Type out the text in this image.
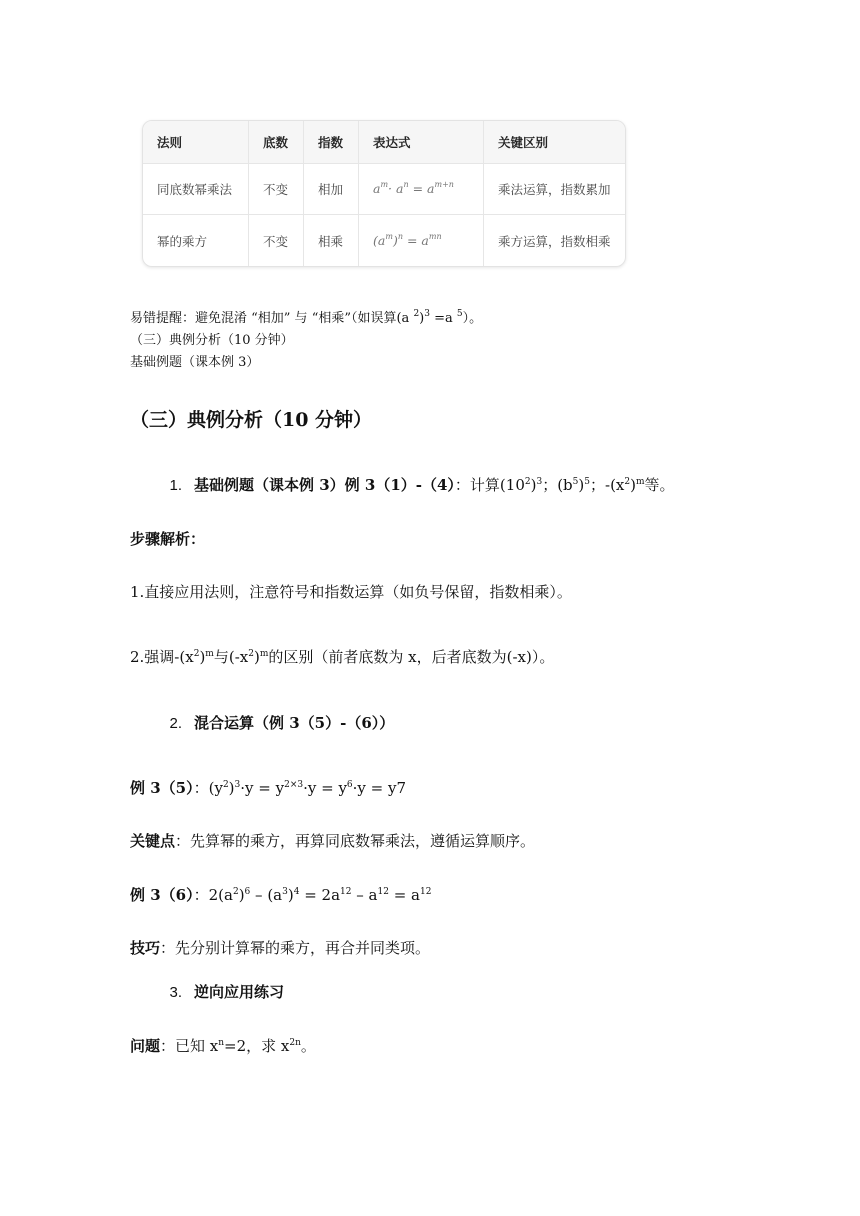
法则	底数	指数	表达式	关键区别
同底数幂乘法	不变	相加	$a^m\cdot a^n = a^{m+n}$	乘法运算，指数累加
幂的乘方	不变	相乘	$(a^m)^n = a^{mn}$	乘方运算，指数相乘
易错提醒：避免混淆 “相加” 与 “相乘”（如误算(a $^2$)$^3$ =a $^5$）。
（三）典例分析（10 分钟）
基础例题（课本例 3）
（三）典例分析（10 分钟）
1. 基础例题（课本例 3）例 3（1）-（4）：计算$(10^2)^3$；$(b^5)^5$；$-(x^2)^m$等。
步骤解析：
1.直接应用法则，注意符号和指数运算（如负号保留，指数相乘）。
2.强调$-(x^2)^m$与$(-x^2)^m$的区别（前者底数为 x，后者底数为(-x)）。
2. 混合运算（例 3（5）-（6））
例 3（5）：$(y^2)^3\cdot y = y^{2\times 3}\cdot y = y^6\cdot y = y7$
关键点：先算幂的乘方，再算同底数幂乘法，遵循运算顺序。
例 3（6）：$2(a^2)^6 - (a^3)^4 = 2a^{12} - a^{12} = a^{12}$
技巧：先分别计算幂的乘方，再合并同类项。
3. 逆向应用练习
问题：已知 $x^n=2$，求 $x^{2n}$。
